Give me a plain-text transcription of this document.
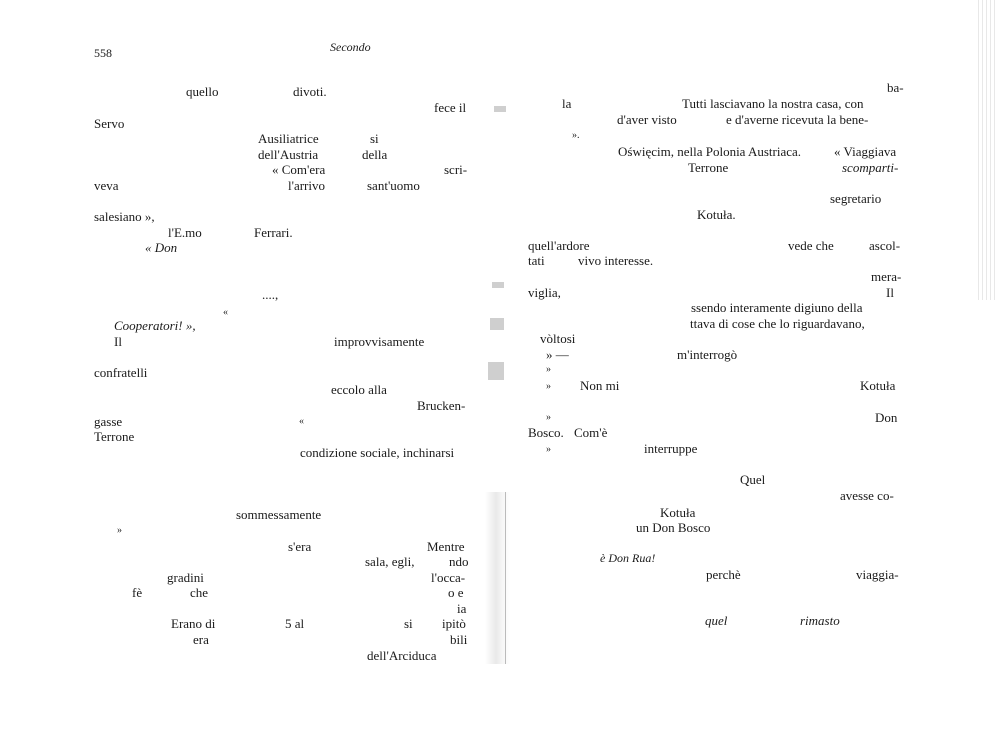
558	Secondo
quello	divoti.
fece il
Servo
Ausiliatrice	si
dell'Austria	della
« Com'era	scri-
veva	l'arrivo	sant'uomo
salesiano »,
l'E.mo	Ferrari.
« Don
....,
«
Cooperatori! »,
Il	improvvisamente
confratelli
eccolo alla
Brucken-
gasse	«
Terrone
condizione sociale, inchinarsi
sommessamente
»
s'era	Mentre
sala, egli,	ndo
gradini	l'occa-
fè	che	o e
ia
Erano di	5 al	si ipitò
era	bili
dell'Arciduca
ba-
la	Tutti lasciavano la nostra casa, con
d'aver visto	e d'averne ricevuta la bene-
».
Oświęcim, nella Polonia Austriaca.	« Viaggiava
Terrone	scomparti-
segretario
Kotuła.
quell'ardore	vede che	ascol-
tati	vivo interesse.
mera-
viglia,	Il
ssendo interamente digiuno della
ttava di cose che lo riguardavano,
vòltosi
» —	m'interrogò
»
» Non mi	Kotuła
»	Don
Bosco. Com'è
»	interruppe
Quel
avesse co-
Kotuła
un Don Bosco
è Don Rua!
perchè	viaggia-
quel	rimasto
